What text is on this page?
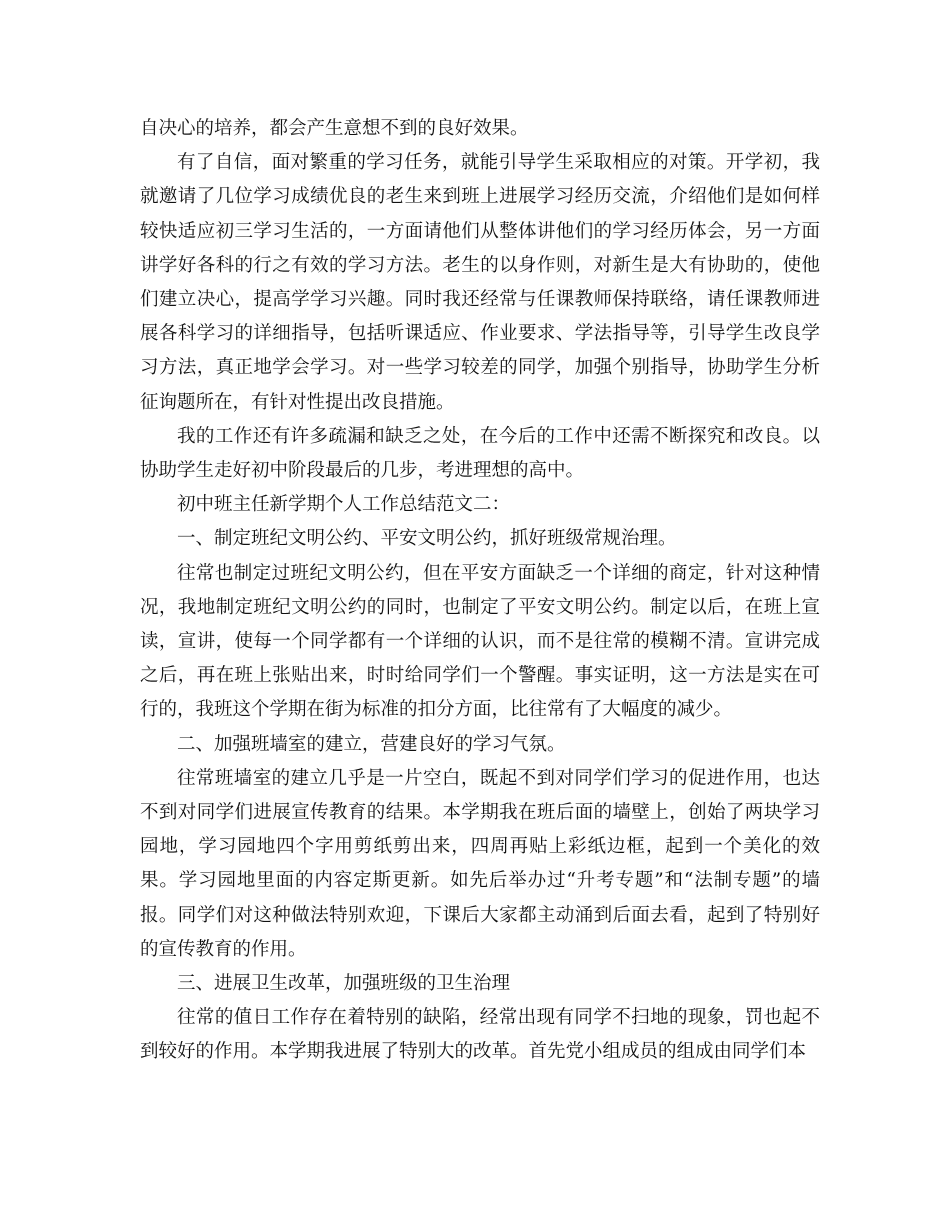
自决心的培养，都会产生意想不到的良好效果。

有了自信，面对繁重的学习任务，就能引导学生采取相应的对策。开学初，我就邀请了几位学习成绩优良的老生来到班上进展学习经历交流，介绍他们是如何样较快适应初三学习生活的，一方面请他们从整体讲他们的学习经历体会，另一方面讲学好各科的行之有效的学习方法。老生的以身作则，对新生是大有协助的，使他们建立决心，提高学学习兴趣。同时我还经常与任课教师保持联络，请任课教师进展各科学习的详细指导，包括听课适应、作业要求、学法指导等，引导学生改良学习方法，真正地学会学习。对一些学习较差的同学，加强个别指导，协助学生分析征询题所在，有针对性提出改良措施。

我的工作还有许多疏漏和缺乏之处，在今后的工作中还需不断探究和改良。以协助学生走好初中阶段最后的几步，考进理想的高中。

初中班主任新学期个人工作总结范文二：

一、制定班纪文明公约、平安文明公约，抓好班级常规治理。

往常也制定过班纪文明公约，但在平安方面缺乏一个详细的商定，针对这种情况，我地制定班纪文明公约的同时，也制定了平安文明公约。制定以后，在班上宣读，宣讲，使每一个同学都有一个详细的认识，而不是往常的模糊不清。宣讲完成之后，再在班上张贴出来，时时给同学们一个警醒。事实证明，这一方法是实在可行的，我班这个学期在街为标准的扣分方面，比往常有了大幅度的减少。

二、加强班墙室的建立，营建良好的学习气氛。

往常班墙室的建立几乎是一片空白，既起不到对同学们学习的促进作用，也达不到对同学们进展宣传教育的结果。本学期我在班后面的墙壁上，创始了两块学习园地，学习园地四个字用剪纸剪出来，四周再贴上彩纸边框，起到一个美化的效果。学习园地里面的内容定斯更新。如先后举办过“升考专题”和“法制专题”的墙报。同学们对这种做法特别欢迎，下课后大家都主动涌到后面去看，起到了特别好的宣传教育的作用。

三、进展卫生改革，加强班级的卫生治理

往常的值日工作存在着特别的缺陷，经常出现有同学不扫地的现象，罚也起不到较好的作用。本学期我进展了特别大的改革。首先党小组成员的组成由同学们本
